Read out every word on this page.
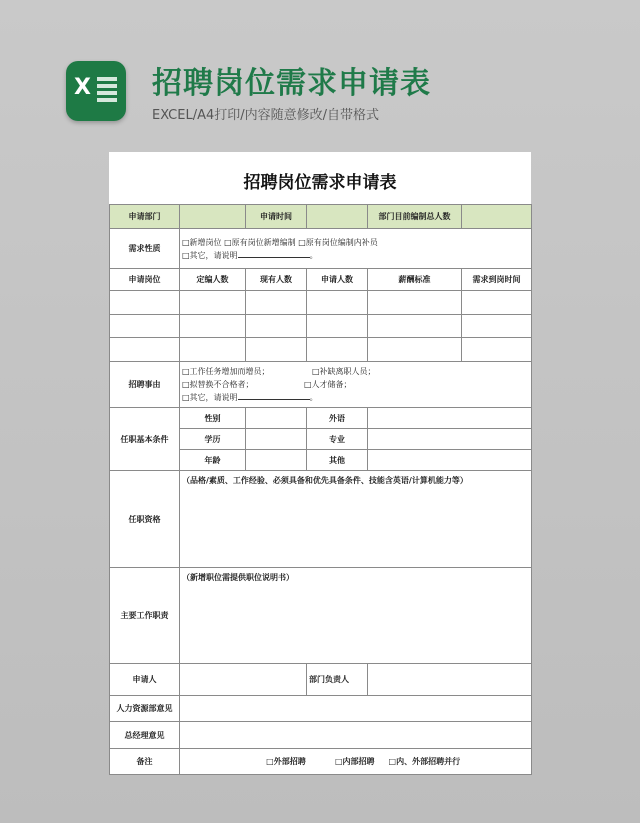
X 招聘岗位需求申请表
EXCEL/A4打印/内容随意修改/自带格式
招聘岗位需求申请表
申请部门		申请时间		部门目前编制总人数	
需求性质	□新增岗位 □原有岗位新增编制 □原有岗位编制内补员
□其它，请说明 。				

申请岗位	定编人数	现有人数	申请人数	薪酬标准	需求到岗时间

招聘事由	□工作任务增加而增员； □补缺离职人员；
□拟替换不合格者； □人才储备；
□其它，请说明 。				

任职基本条件	性别		外语		
	学历		专业		
	年龄		其他		
任职资格	（品格/素质、工作经验、必须具备和优先具备条件、技能含英语/计算机能力等）				
主要工作职责	（新增职位需提供职位说明书）				
申请人			部门负责人		
人力资源部意见					
总经理意见					
备注	□外部招聘 □内部招聘 □内、外部招聘并行				
